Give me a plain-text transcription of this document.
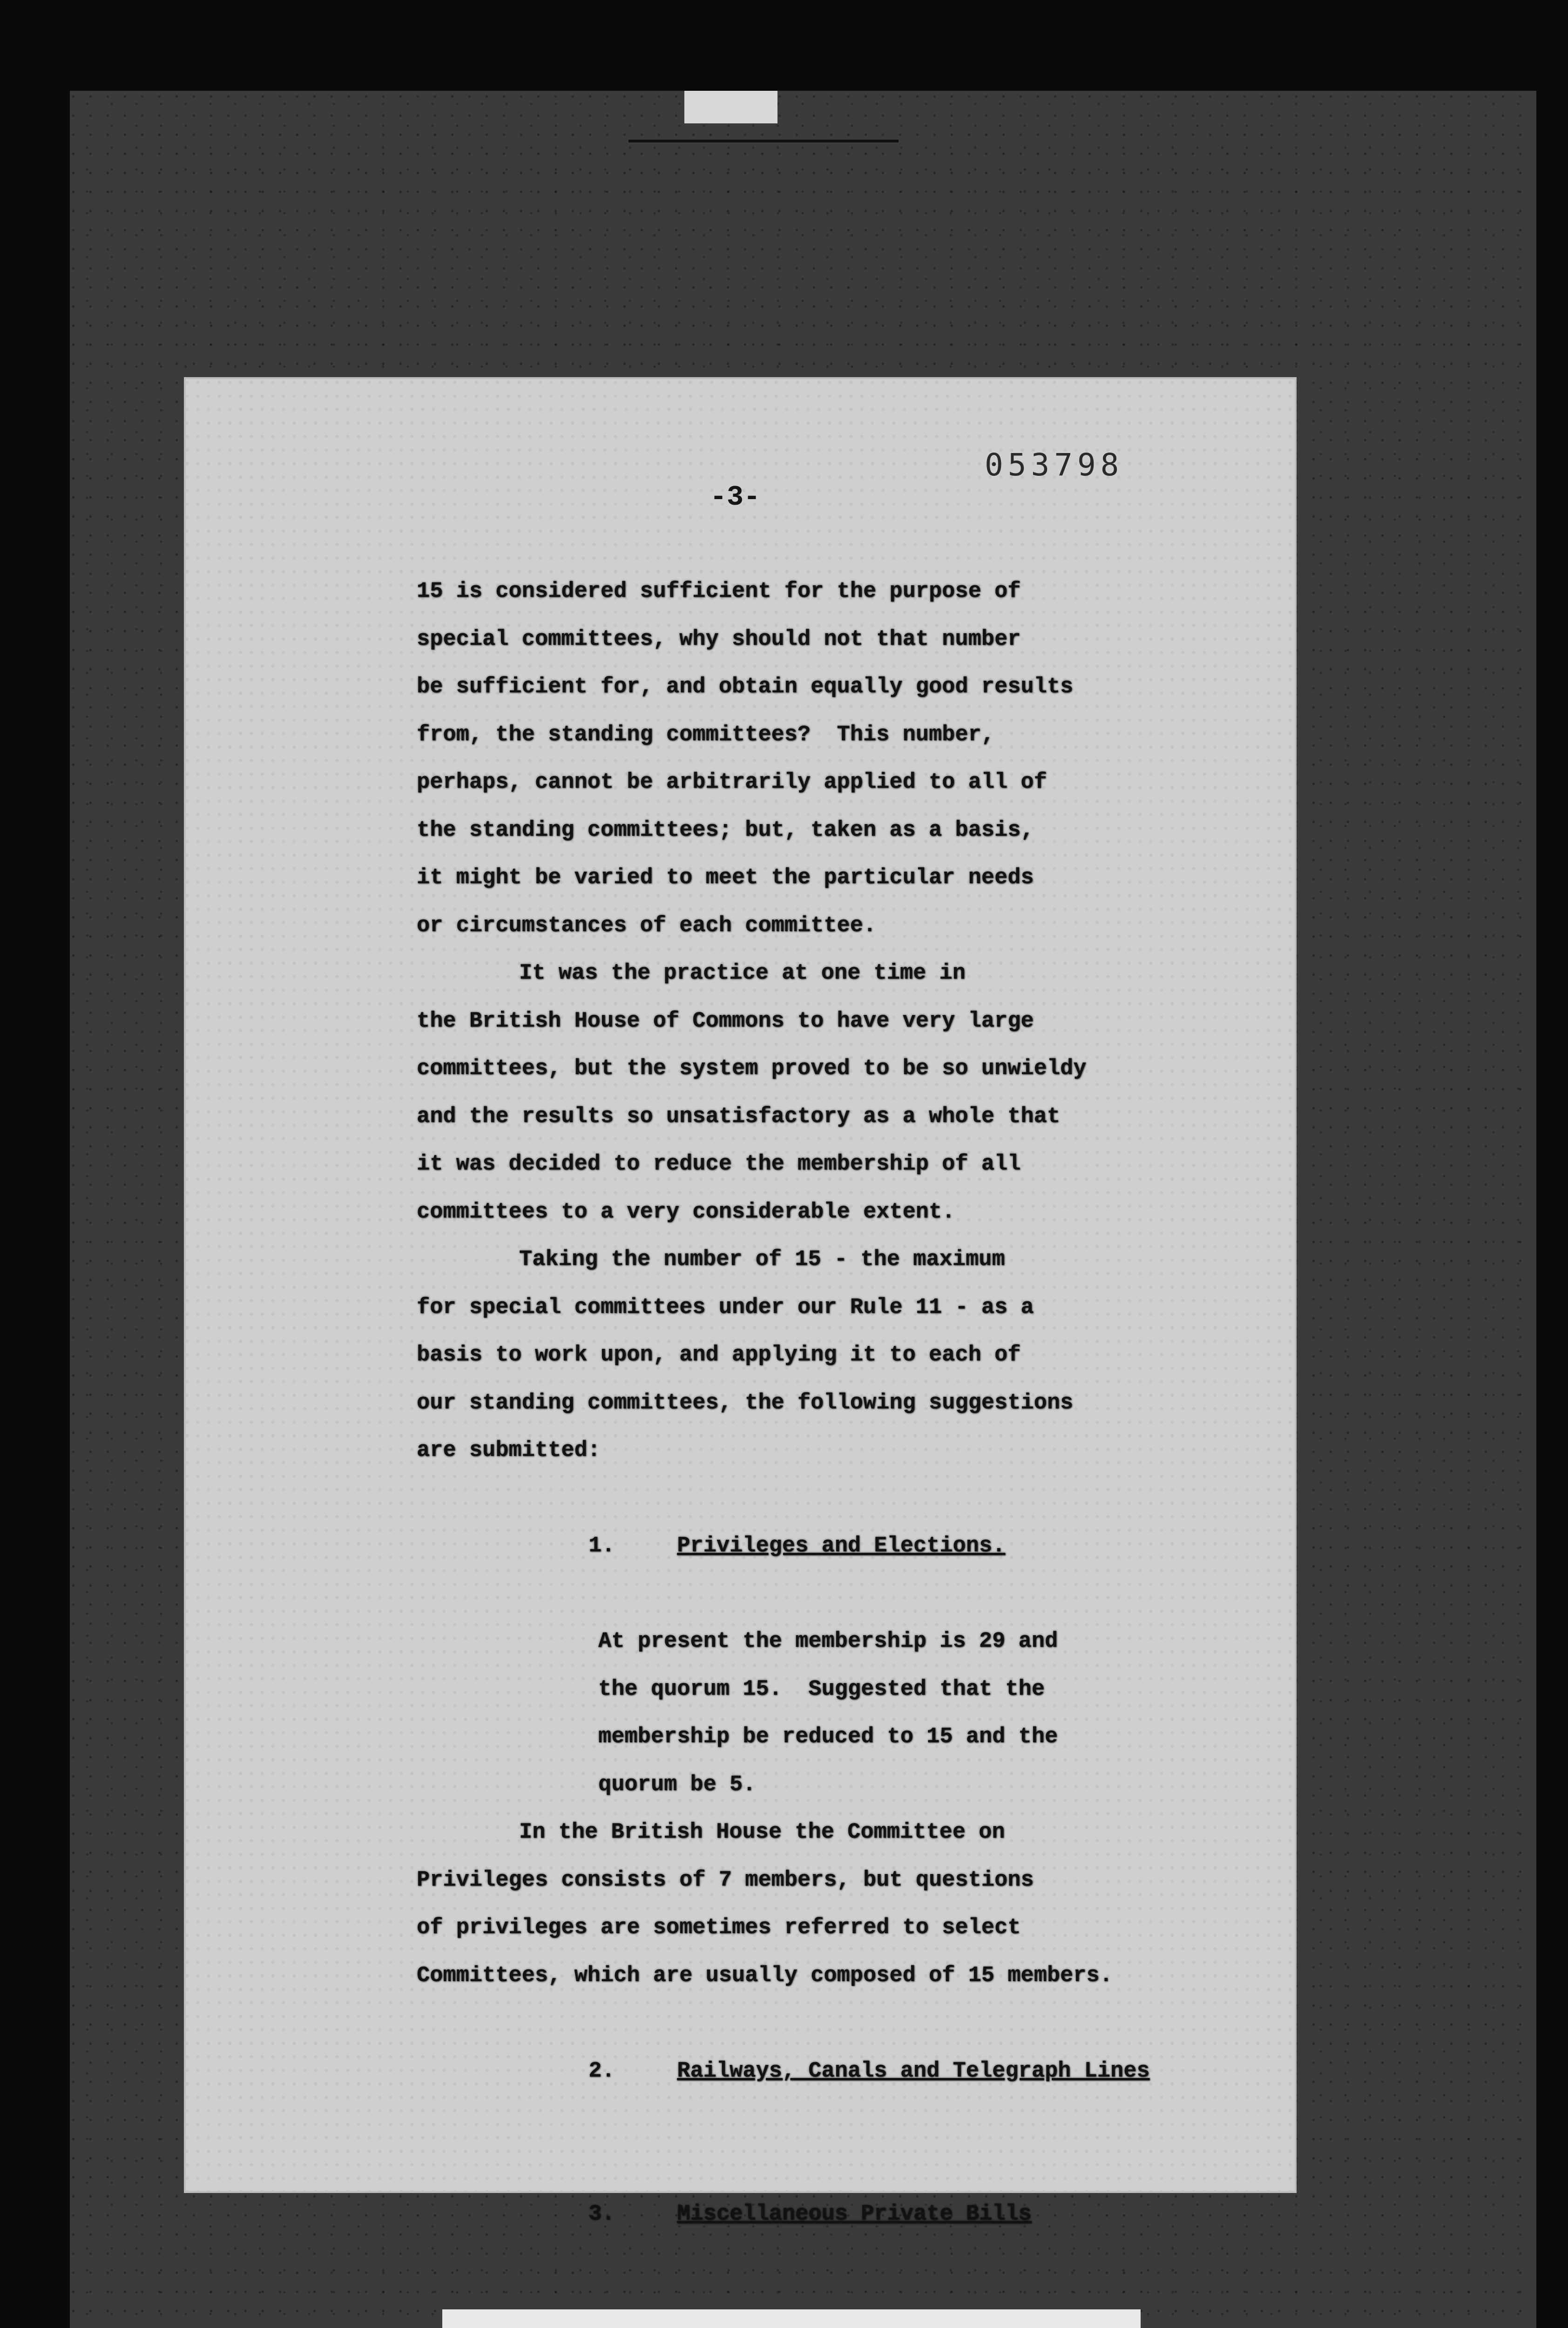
053798
-3-
15 is considered sufficient for the purpose of
special committees, why should not that number
be sufficient for, and obtain equally good results
from, the standing committees?  This number,
perhaps, cannot be arbitrarily applied to all of
the standing committees; but, taken as a basis,
it might be varied to meet the particular needs
or circumstances of each committee.
It was the practice at one time in
the British House of Commons to have very large
committees, but the system proved to be so unwieldy
and the results so unsatisfactory as a whole that
it was decided to reduce the membership of all
committees to a very considerable extent.
Taking the number of 15 - the maximum
for special committees under our Rule 11 - as a
basis to work upon, and applying it to each of
our standing committees, the following suggestions
are submitted:

1.	Privileges and Elections.

At present the membership is 29 and
the quorum 15.  Suggested that the
membership be reduced to 15 and the
quorum be 5.
In the British House the Committee on
Privileges consists of 7 members, but questions
of privileges are sometimes referred to select
Committees, which are usually composed of 15 members.

2.	Railways, Canals and Telegraph Lines

3.	Miscellaneous Private Bills
